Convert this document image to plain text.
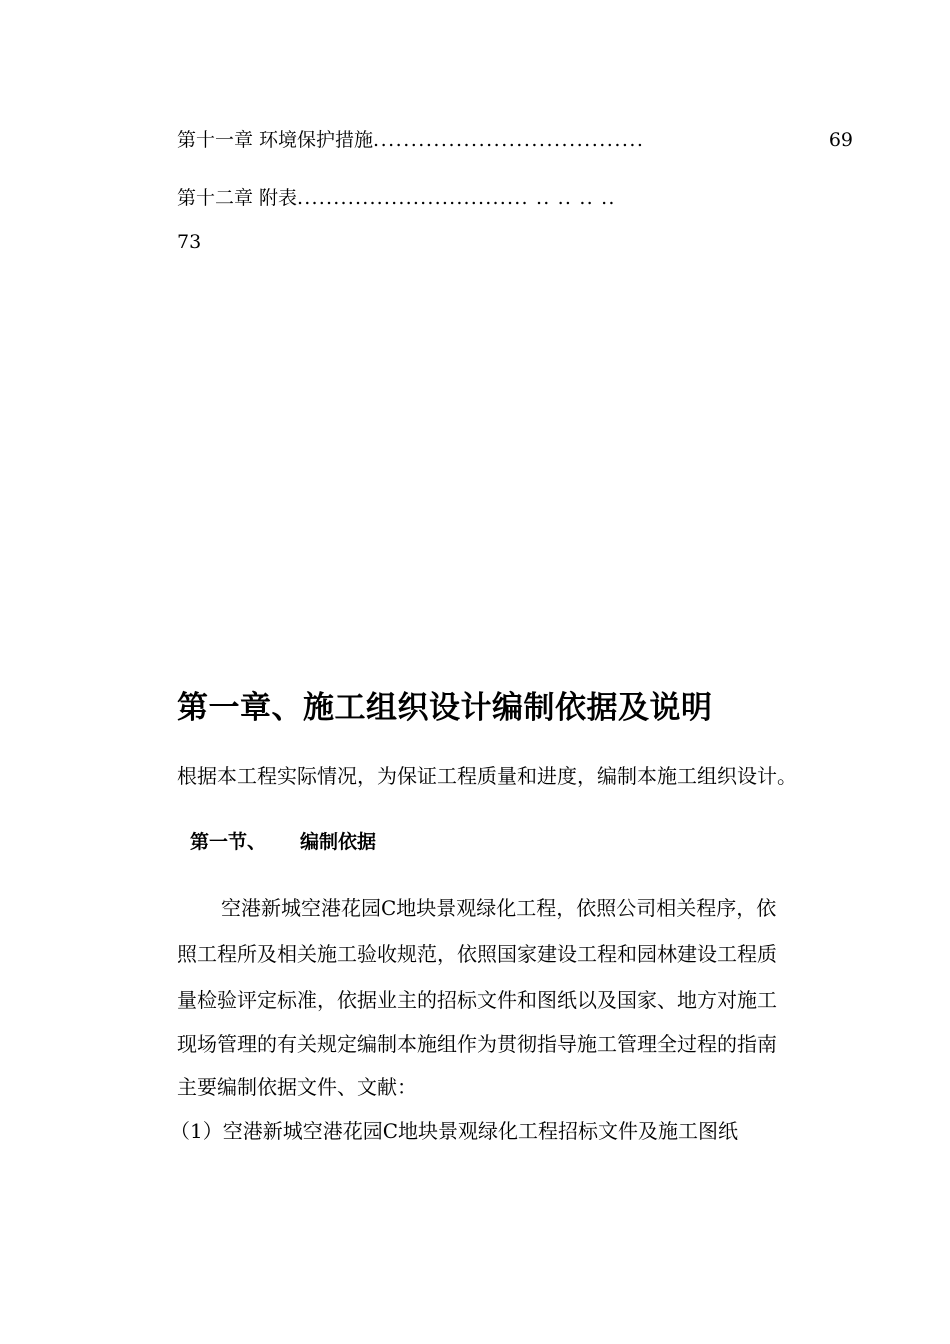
第十一章 环境保护措施....................................	69
第十二章 附表................................ .. .. .. ..
73
第一章、施工组织设计编制依据及说明
根据本工程实际情况，为保证工程质量和进度，编制本施工组织设计。
第一节、 编制依据
空港新城空港花园C地块景观绿化工程，依照公司相关程序，依
照工程所及相关施工验收规范，依照国家建设工程和园林建设工程质
量检验评定标准，依据业主的招标文件和图纸以及国家、地方对施工
现场管理的有关规定编制本施组作为贯彻指导施工管理全过程的指南
主要编制依据文件、文献：
（1）空港新城空港花园C地块景观绿化工程招标文件及施工图纸
